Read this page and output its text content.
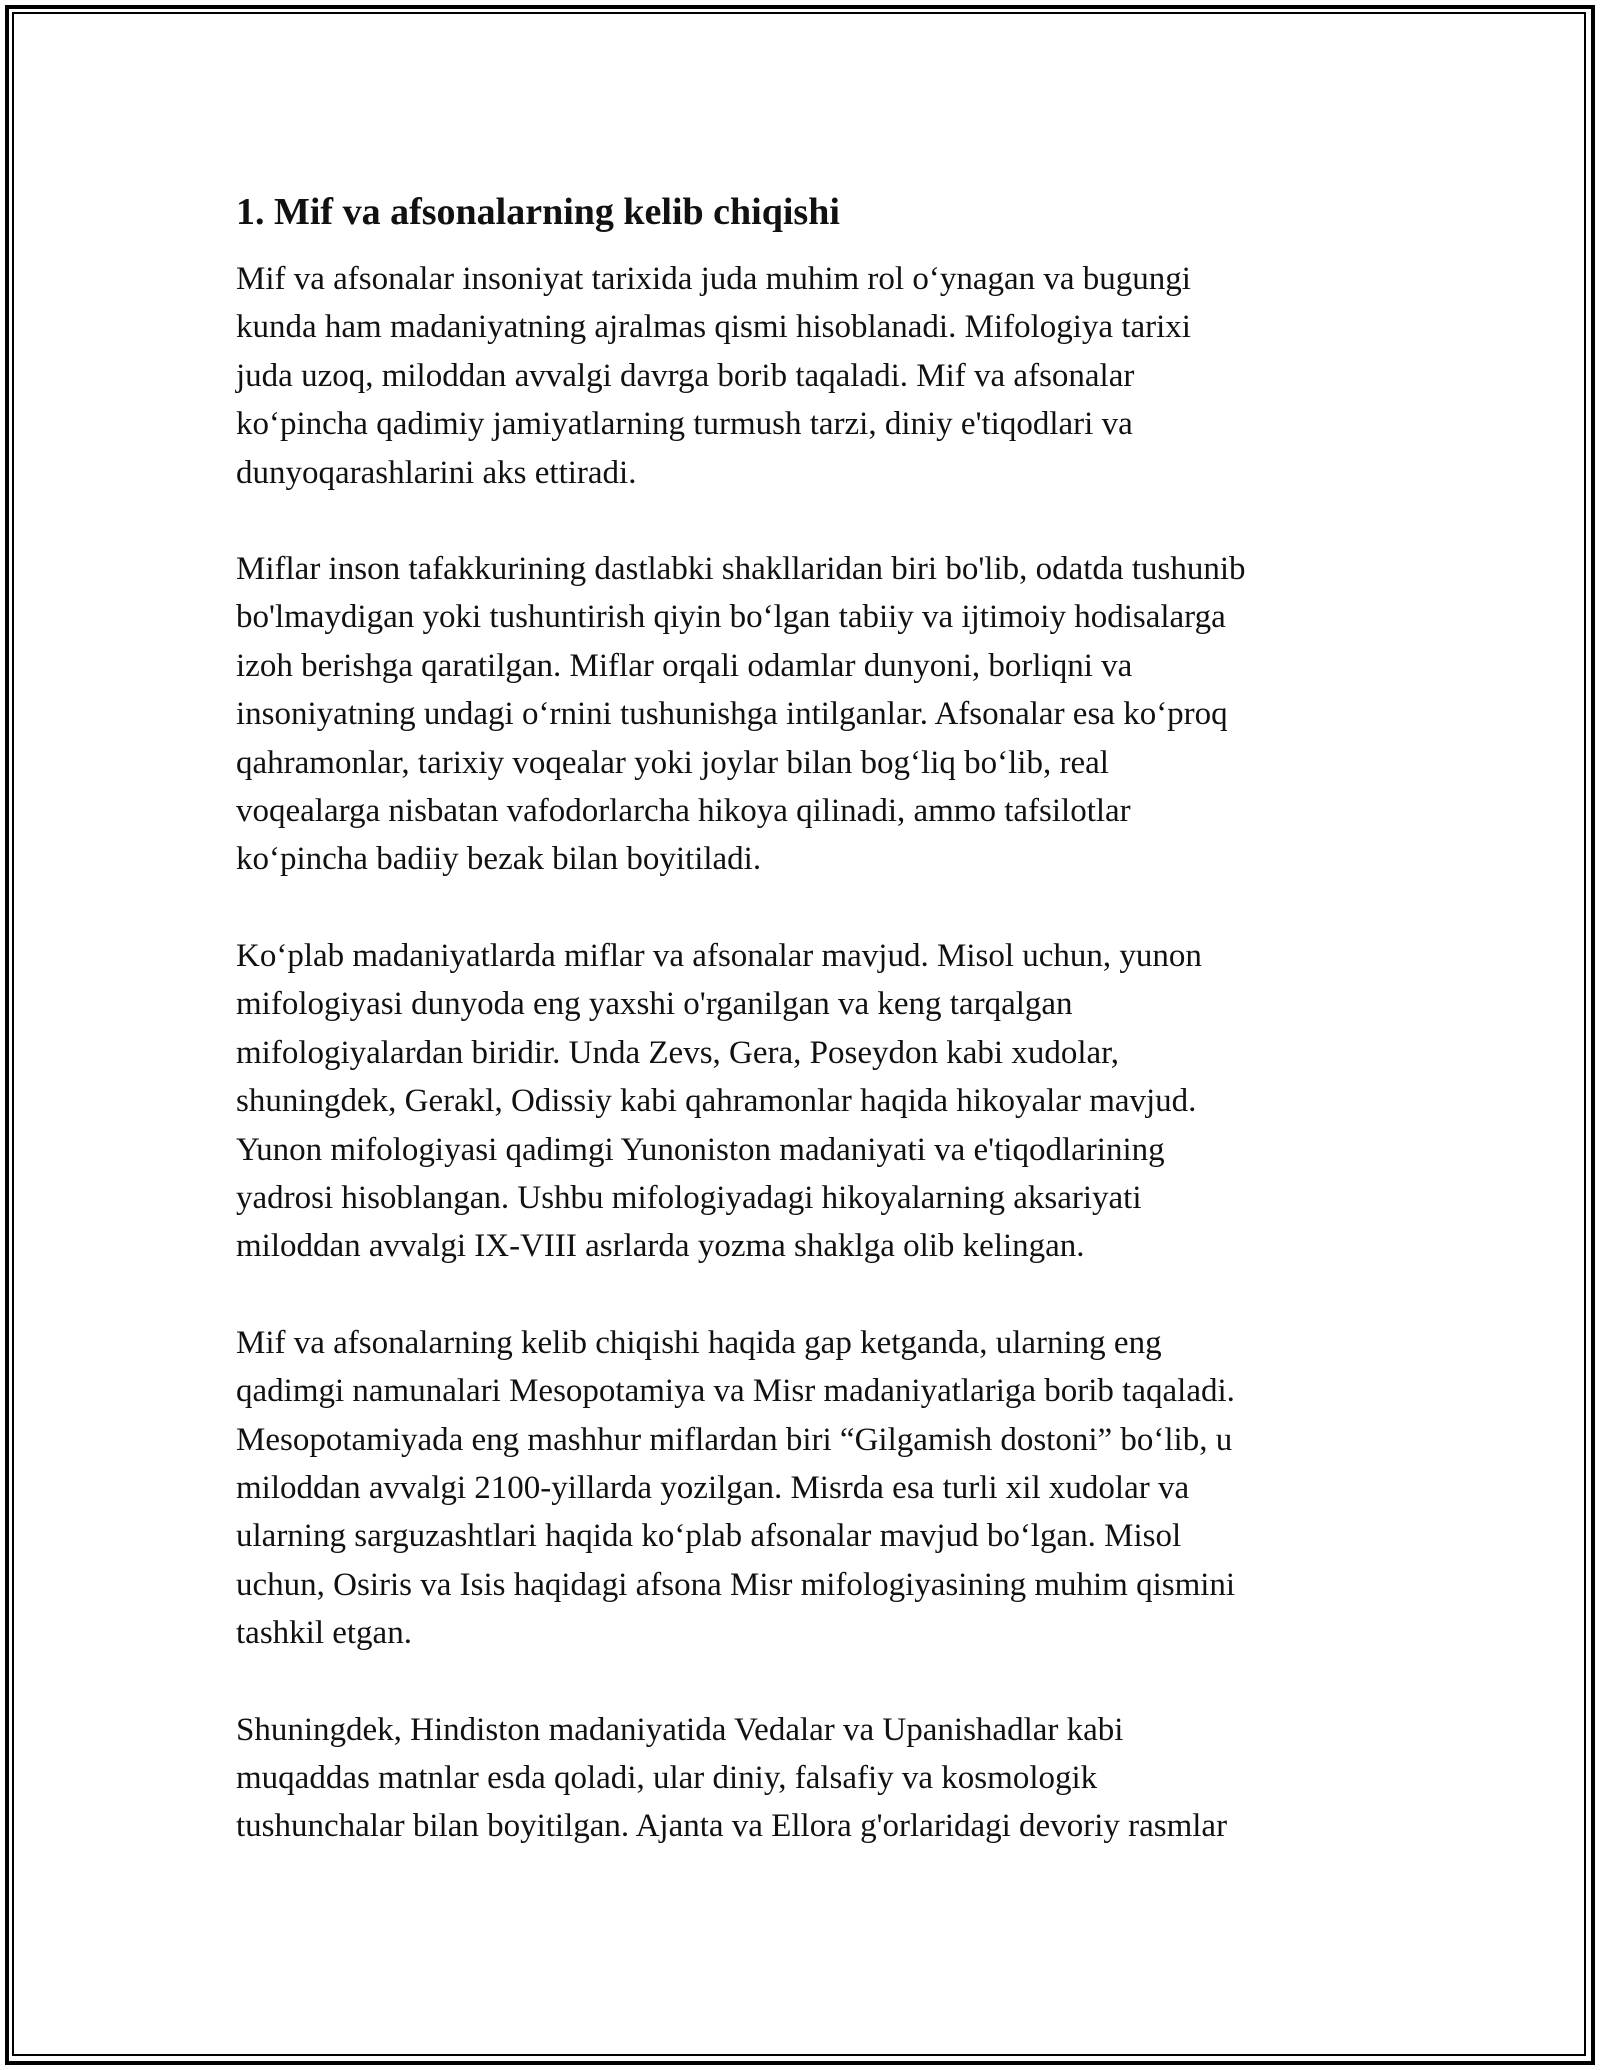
1. Mif va afsonalarning kelib chiqishi
Mif va afsonalar insoniyat tarixida juda muhim rol o‘ynagan va bugungi
kunda ham madaniyatning ajralmas qismi hisoblanadi. Mifologiya tarixi
juda uzoq, miloddan avvalgi davrga borib taqaladi. Mif va afsonalar
ko‘pincha qadimiy jamiyatlarning turmush tarzi, diniy e'tiqodlari va
dunyoqarashlarini aks ettiradi.
Miflar inson tafakkurining dastlabki shakllaridan biri bo'lib, odatda tushunib
bo'lmaydigan yoki tushuntirish qiyin bo‘lgan tabiiy va ijtimoiy hodisalarga
izoh berishga qaratilgan. Miflar orqali odamlar dunyoni, borliqni va
insoniyatning undagi o‘rnini tushunishga intilganlar. Afsonalar esa ko‘proq
qahramonlar, tarixiy voqealar yoki joylar bilan bog‘liq bo‘lib, real
voqealarga nisbatan vafodorlarcha hikoya qilinadi, ammo tafsilotlar
ko‘pincha badiiy bezak bilan boyitiladi.
Ko‘plab madaniyatlarda miflar va afsonalar mavjud. Misol uchun, yunon
mifologiyasi dunyoda eng yaxshi o'rganilgan va keng tarqalgan
mifologiyalardan biridir. Unda Zevs, Gera, Poseydon kabi xudolar,
shuningdek, Gerakl, Odissiy kabi qahramonlar haqida hikoyalar mavjud.
Yunon mifologiyasi qadimgi Yunoniston madaniyati va e'tiqodlarining
yadrosi hisoblangan. Ushbu mifologiyadagi hikoyalarning aksariyati
miloddan avvalgi IX-VIII asrlarda yozma shaklga olib kelingan.
Mif va afsonalarning kelib chiqishi haqida gap ketganda, ularning eng
qadimgi namunalari Mesopotamiya va Misr madaniyatlariga borib taqaladi.
Mesopotamiyada eng mashhur miflardan biri “Gilgamish dostoni” bo‘lib, u
miloddan avvalgi 2100-yillarda yozilgan. Misrda esa turli xil xudolar va
ularning sarguzashtlari haqida ko‘plab afsonalar mavjud bo‘lgan. Misol
uchun, Osiris va Isis haqidagi afsona Misr mifologiyasining muhim qismini
tashkil etgan.
Shuningdek, Hindiston madaniyatida Vedalar va Upanishadlar kabi
muqaddas matnlar esda qoladi, ular diniy, falsafiy va kosmologik
tushunchalar bilan boyitilgan. Ajanta va Ellora g'orlaridagi devoriy rasmlar
